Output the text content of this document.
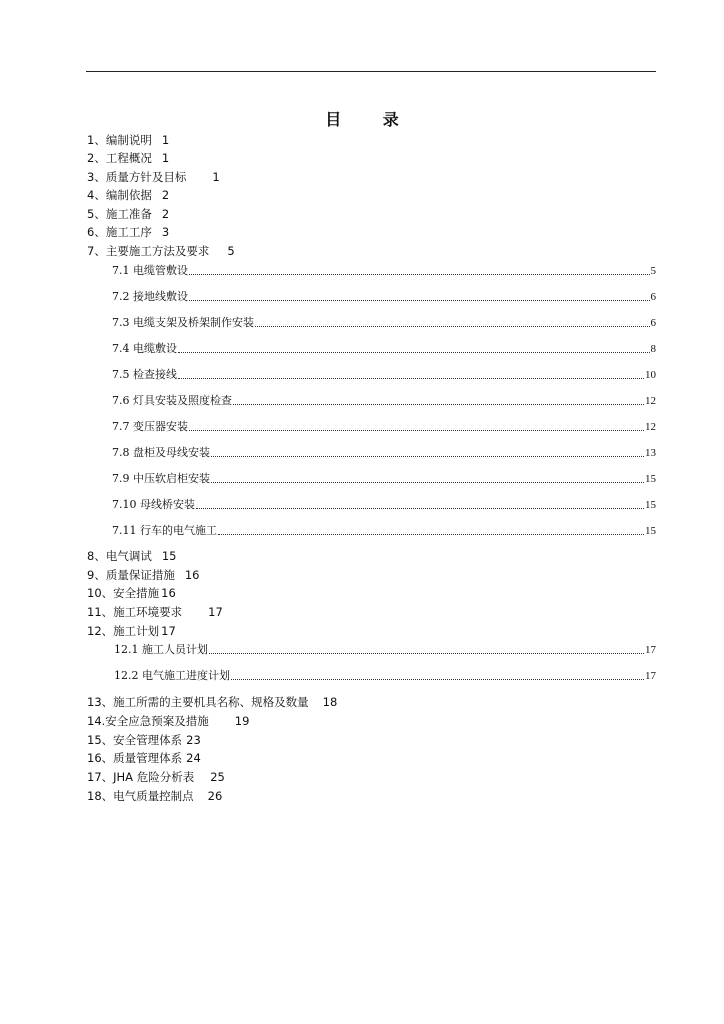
目 录
1、编制说明 1
2、工程概况 1
3、质量方针及目标 1
4、编制依据 2
5、施工准备 2
6、施工工序 3
7、主要施工方法及要求 5
7.1 电缆管敷设	5
7.2 接地线敷设	6
7.3 电缆支架及桥架制作安装	6
7.4 电缆敷设	8
7.5 检查接线	10
7.6 灯具安装及照度检查	12
7.7 变压器安装	12
7.8 盘柜及母线安装	13
7.9 中压软启柜安装	15
7.10 母线桥安装	15
7.11 行车的电气施工	15
8、电气调试 15
9、质量保证措施 16
10、安全措施 16
11、施工环境要求 17
12、施工计划 17
12.1 施工人员计划	17
12.2 电气施工进度计划	17
13、施工所需的主要机具名称、规格及数量 18
14.安全应急预案及措施 19
15、安全管理体系 23
16、质量管理体系 24
17、JHA 危险分析表 25
18、电气质量控制点 26
